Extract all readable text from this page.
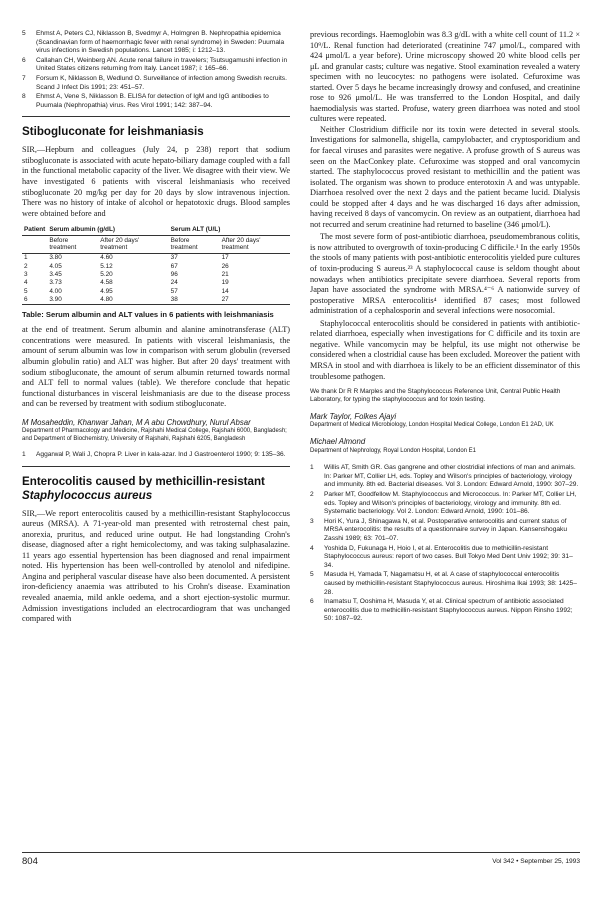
5	Ehmst A, Peters CJ, Niklasson B, Svedmyr A, Holmgren B. Nephropathia epidemica (Scandinavian form of haemorrhagic fever with renal syndrome) in Sweden: Puumala virus infections in Swedish populations. Lancet 1985; i: 1212–13.
6	Callahan CH, Weinberg AN. Acute renal failure in travelers; Tsutsugamushi infection in United States citizens returning from Italy. Lancet 1987; i: 165–66.
7	Forsum K, Niklasson B, Wedlund O. Surveillance of infection among Swedish recruits. Scand J Infect Dis 1991; 23: 451–57.
8	Ehmst A, Vene S, Niklasson B. ELISA for detection of IgM and IgG antibodies to Puumala (Nephropathia) virus. Res Virol 1991; 142: 387–94.
Stibogluconate for leishmaniasis

SIR,—Hepburn and colleagues (July 24, p 238) report that sodium stibogluconate is associated with acute hepato-biliary damage coupled with a fall in the functional metabolic capacity of the liver. We disagree with their view. We have investigated 6 patients with visceral leishmaniasis who received stibogluconate 20 mg/kg per day for 20 days by slow intravenous injection. There was no history of intake of alcohol or hepatotoxic drugs. Blood samples were obtained before and

Patient	Serum albumin (g/dL)		Serum ALT (U/L)	
	Before treatment	After 20 days' treatment	Before treatment	After 20 days' treatment
1	3.80	4.60	37	17
2	4.05	5.12	67	26
3	3.45	5.20	96	21
4	3.73	4.58	24	19
5	4.00	4.95	57	14
6	3.90	4.80	38	27

Table: Serum albumin and ALT values in 6 patients with leishmaniasis

at the end of treatment. Serum albumin and alanine aminotransferase (ALT) concentrations were measured. In patients with visceral leishmaniasis, the amount of serum albumin was low in comparison with serum globulin (reversed albumin globulin ratio) and ALT was higher. But after 20 days' treatment with sodium stibogluconate, the amount of serum albumin returned towards normal and ALT fell to normal values (table). We therefore conclude that hepatic functional disturbances in visceral leishmaniasis are due to the disease process and can be reversed by treatment with sodium stibogluconate.

M Mosaheddin, Khanwar Jahan, M A abu Chowdhury, Nurul Absar
Department of Pharmacology and Medicine, Rajshahi Medical College, Rajshahi 6000, Bangladesh; and Department of Biochemistry, University of Rajshahi, Rajshahi 6205, Bangladesh
1	Aggarwal P, Wali J, Chopra P. Liver in kala-azar. Ind J Gastroenterol 1990; 9: 135–36.
Enterocolitis caused by methicillin-resistant
Staphylococcus aureus

SIR,—We report enterocolitis caused by a methicillin-resistant Staphylococcus aureus (MRSA). A 71-year-old man presented with retrosternal chest pain, anorexia, pruritus, and reduced urine output. He had longstanding Crohn's disease, diagnosed after a right hemicolectomy, and was taking sulphasalazine. 11 years ago essential hypertension has been diagnosed and renal impairment noted. His hypertension has been well-controlled by atenolol and nifedipine. Angina and peripheral vascular disease have also been documented. A persistent iron-deficiency anaemia was attributed to his Crohn's disease. Examination revealed anaemia, mild ankle oedema, and a short ejection-systolic murmur. Admission investigations included an electrocardiogram that was unchanged compared with

previous recordings. Haemoglobin was 8.3 g/dL with a white cell count of 11.2 × 10⁹/L. Renal function had deteriorated (creatinine 747 μmol/L, compared with 424 μmol/L a year before). Urine microscopy showed 20 white blood cells per μL and granular casts; culture was negative. Stool examination revealed a watery specimen with no leucocytes: no pathogens were isolated. Cefuroxime was started. Over 5 days he became increasingly drowsy and confused, and creatinine rose to 926 μmol/L. He was transferred to the London Hospital, and daily haemodialysis was started. Profuse, watery green diarrhoea was noted and stool cultures were repeated.

Neither Clostridium difficile nor its toxin were detected in several stools. Investigations for salmonella, shigella, campylobacter, and cryptosporidium and for faecal viruses and parasites were negative. A profuse growth of S aureus was seen on the MacConkey plate. Cefuroxime was stopped and oral vancomycin started. The staphylococcus proved resistant to methicillin and the patient was isolated. The organism was shown to produce enterotoxin A and was untypable. Diarrhoea resolved over the next 2 days and the patient became lucid. Dialysis could be stopped after 4 days and he was discharged 16 days after admission, having received 8 days of vancomycin. On review as an outpatient, diarrhoea had not recurred and serum creatinine had returned to baseline (346 μmol/L).

The most severe form of post-antibiotic diarrhoea, pseudomembranous colitis, is now attributed to overgrowth of toxin-producing C difficile.¹ In the early 1950s the stools of many patients with post-antibiotic enterocolitis yielded pure cultures of toxin-producing S aureus.²³ A staphylococcal cause is seldom thought about nowadays when antibiotics precipitate severe diarrhoea. Several reports from Japan have associated the syndrome with MRSA.⁴⁻⁶ A nationwide survey of postoperative MRSA enterocolitis⁴ identified 87 cases; most followed administration of a cephalosporin and several infections were nosocomial.

Staphylococcal enterocolitis should be considered in patients with antibiotic-related diarrhoea, especially when investigations for C difficile and its toxin are negative. While vancomycin may be helpful, its use might not otherwise be considered when a clostridial cause has been excluded. Moreover the patient with MRSA in stool and with diarrhoea is likely to be an efficient disseminator of this troublesome pathogen.

We thank Dr R R Marples and the Staphylococcus Reference Unit, Central Public Health Laboratory, for typing the staphylococcus and for toxin testing.
Mark Taylor, Folkes Ajayi
Department of Medical Microbiology, London Hospital Medical College, London E1 2AD, UK
Michael Almond
Department of Nephrology, Royal London Hospital, London E1
1	Willis AT, Smith GR. Gas gangrene and other clostridial infections of man and animals. In: Parker MT, Collier LH, eds. Topley and Wilson's principles of bacteriology, virology and immunity. 8th ed. Bacterial diseases. Vol 3. London: Edward Arnold, 1990: 307–29.
2	Parker MT, Goodfellow M. Staphylococcus and Micrococcus. In: Parker MT, Collier LH, eds. Topley and Wilson's principles of bacteriology, virology and immunity. 8th ed. Systematic bacteriology. Vol 2. London: Edward Arnold, 1990: 101–86.
3	Hori K, Yura J, Shinagawa N, et al. Postoperative enterocolitis and current status of MRSA enterocolitis: the results of a questionnaire survey in Japan. Kansenshogaku Zasshi 1989; 63: 701–07.
4	Yoshida D, Fukunaga H, Hoio I, et al. Enterocolitis due to methicillin-resistant Staphylococcus aureus: report of two cases. Bull Tokyo Med Dent Univ 1992; 39: 31–34.
5	Masuda H, Yamada T, Nagamatsu H, et al. A case of staphylococcal enterocolitis caused by methicillin-resistant Staphylococcus aureus. Hiroshima Ikai 1993; 38: 1425–28.
6	Inamatsu T, Ooshima H, Masuda Y, et al. Clinical spectrum of antibiotic associated enterocolitis due to methicillin-resistant Staphylococcus aureus. Nippon Rinsho 1992; 50: 1087–92.
804	Vol 342 • September 25, 1993
